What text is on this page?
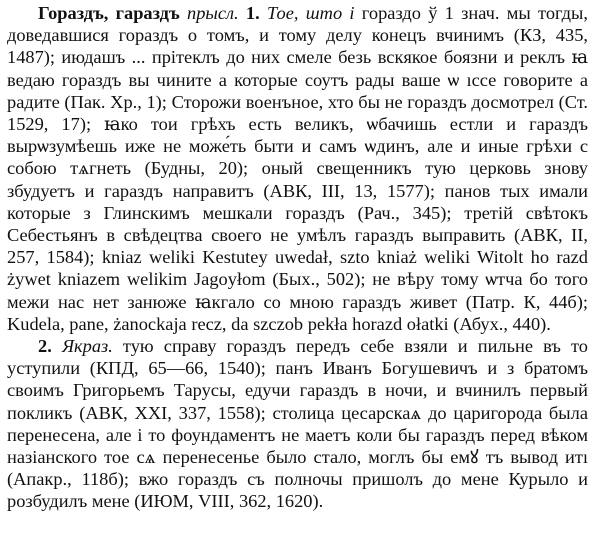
Гораздъ, гараздъ прысл. 1. Тое, што і гораздо ў 1 знач. мы тогды, доведавшися гораздъ о томъ, и тому делу конецъ вчинимъ (КЗ, 435, 1487); июдашъ ... прітеклъ до них смеле безь вскякое боязни и реклъ ꙗ ведаю гораздъ вы чините а которые соутъ рады ваше ѡ ıссе говорите а радите (Пак. Хр., 1); Сторожи военъное, хто бы не гораздъ досмотрел (Ст. 1529, 17); ꙗко тои грѣхъ есть великъ, ѡбачишь естли и гараздъ вырѡзумѣешь иже не може́ть быти и самъ ѡдинъ, але и иные грѣхи с собою тѧгнеть (Будны, 20); оный свещенникъ тую церковь знову збудуетъ и гараздъ направитъ (АВК, III, 13, 1577); панов тых имали которые з Глинскимъ мешкали гораздъ (Рач., 345); третiй свѣтокъ Себестьянъ в свѣдецтва своего не умѣлъ гараздъ выправить (АВК, II, 257, 1584); kniaz weliki Kestutey uwedał, szto kniaż weliki Witolt ho razd żywet kniazem welikim Jagoyłom (Бых., 502); не вѣрy тому ѡтча бо того межи нас нет занюже ꙗкгало со мною гараздъ живет (Патр. К, 44б); Kudela, pane, żanockaja recz, da szczob pekła horazd ołatki (Абух., 440).

2. Якраз. тую справу гораздъ передъ себе взяли и пильне въ то уступили (КПД, 65—66, 1540); панъ Иванъ Богушевичъ и з братомъ своимъ Григорьемъ Тарусы, едучи гараздъ в ночи, и вчинилъ первый покликъ (АВК, XXI, 337, 1558); столица цесарскаѧ до царигорода была перенесена, але і то фоундаментъ не маетъ коли бы гараздъ перед вѣком назіанского тое сѧ перенесенье было стало, моглъ бы емꙋ тъ вывод итı (Апакр., 118б); вжо гораздъ съ полночы пришолъ до мене Курыло и розбудилъ мене (ИЮМ, VIII, 362, 1620).
